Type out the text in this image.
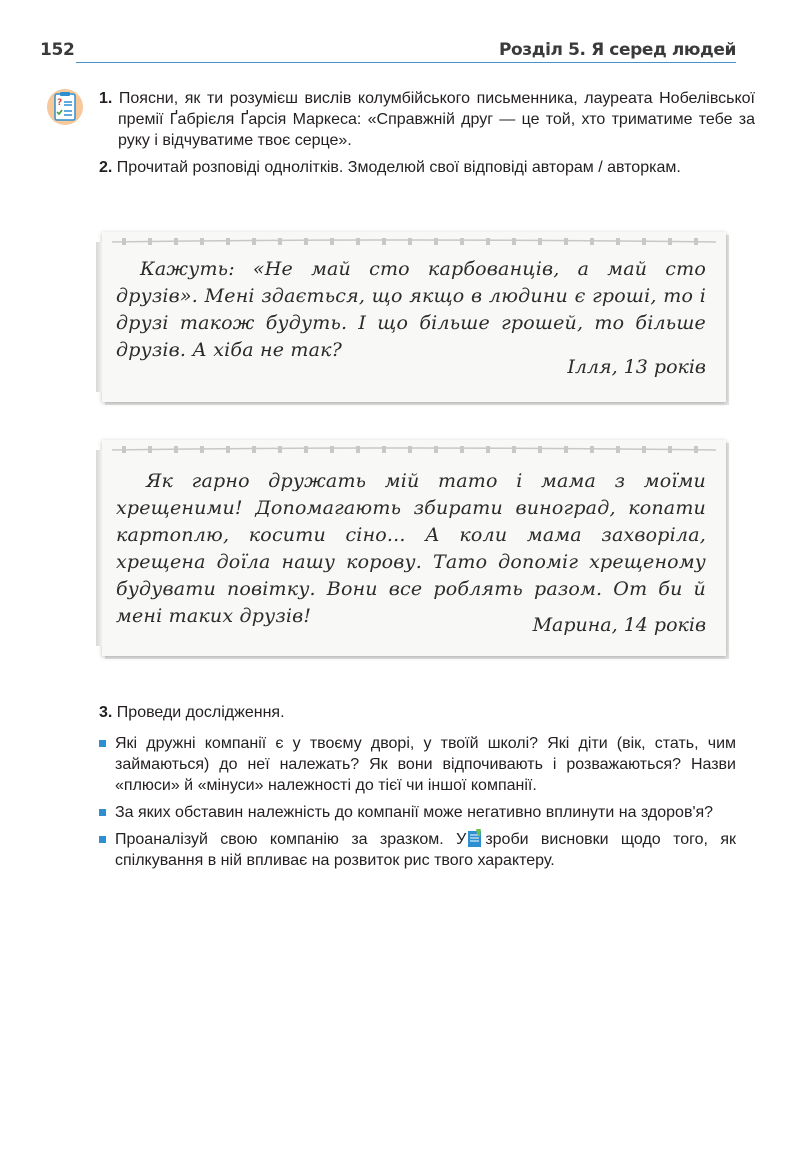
152	Розділ 5. Я серед людей
? 1. Поясни, як ти розумієш вислів колумбійського письменника, лауреата Нобелівської премії Ґабрієля Ґарсія Маркеса: «Справжній друг — це той, хто триматиме тебе за руку і відчуватиме твоє серце».
2. Прочитай розповіді однолітків. Змоделюй свої відповіді авторам / авторкам.
Кажуть: «Не май сто карбованців, а май сто друзів». Мені здається, що якщо в людини є гроші, то і друзі також будуть. І що більше грошей, то більше друзів. А хіба не так?
Ілля, 13 років
Як гарно дружать мій тато і мама з моїми хрещеними! Допомагають збирати виноград, копати картоплю, косити сіно... А коли мама захворіла, хрещена доїла нашу корову. Тато допоміг хрещеному будувати повітку. Вони все роблять разом. От би й мені таких друзів!	Марина, 14 років
3. Проведи дослідження.
Які дружні компанії є у твоєму дворі, у твоїй школі? Які діти (вік, стать, чим займаються) до неї належать? Як вони відпочивають і розважаються? Назви «плюси» й «мінуси» належності до тієї чи іншої компанії.
За яких обставин належність до компанії може негативно вплинути на здоров'я?
Проаналізуй свою компанію за зразком. У зроби висновки щодо того, як спілкування в ній впливає на розвиток рис твого характеру.
